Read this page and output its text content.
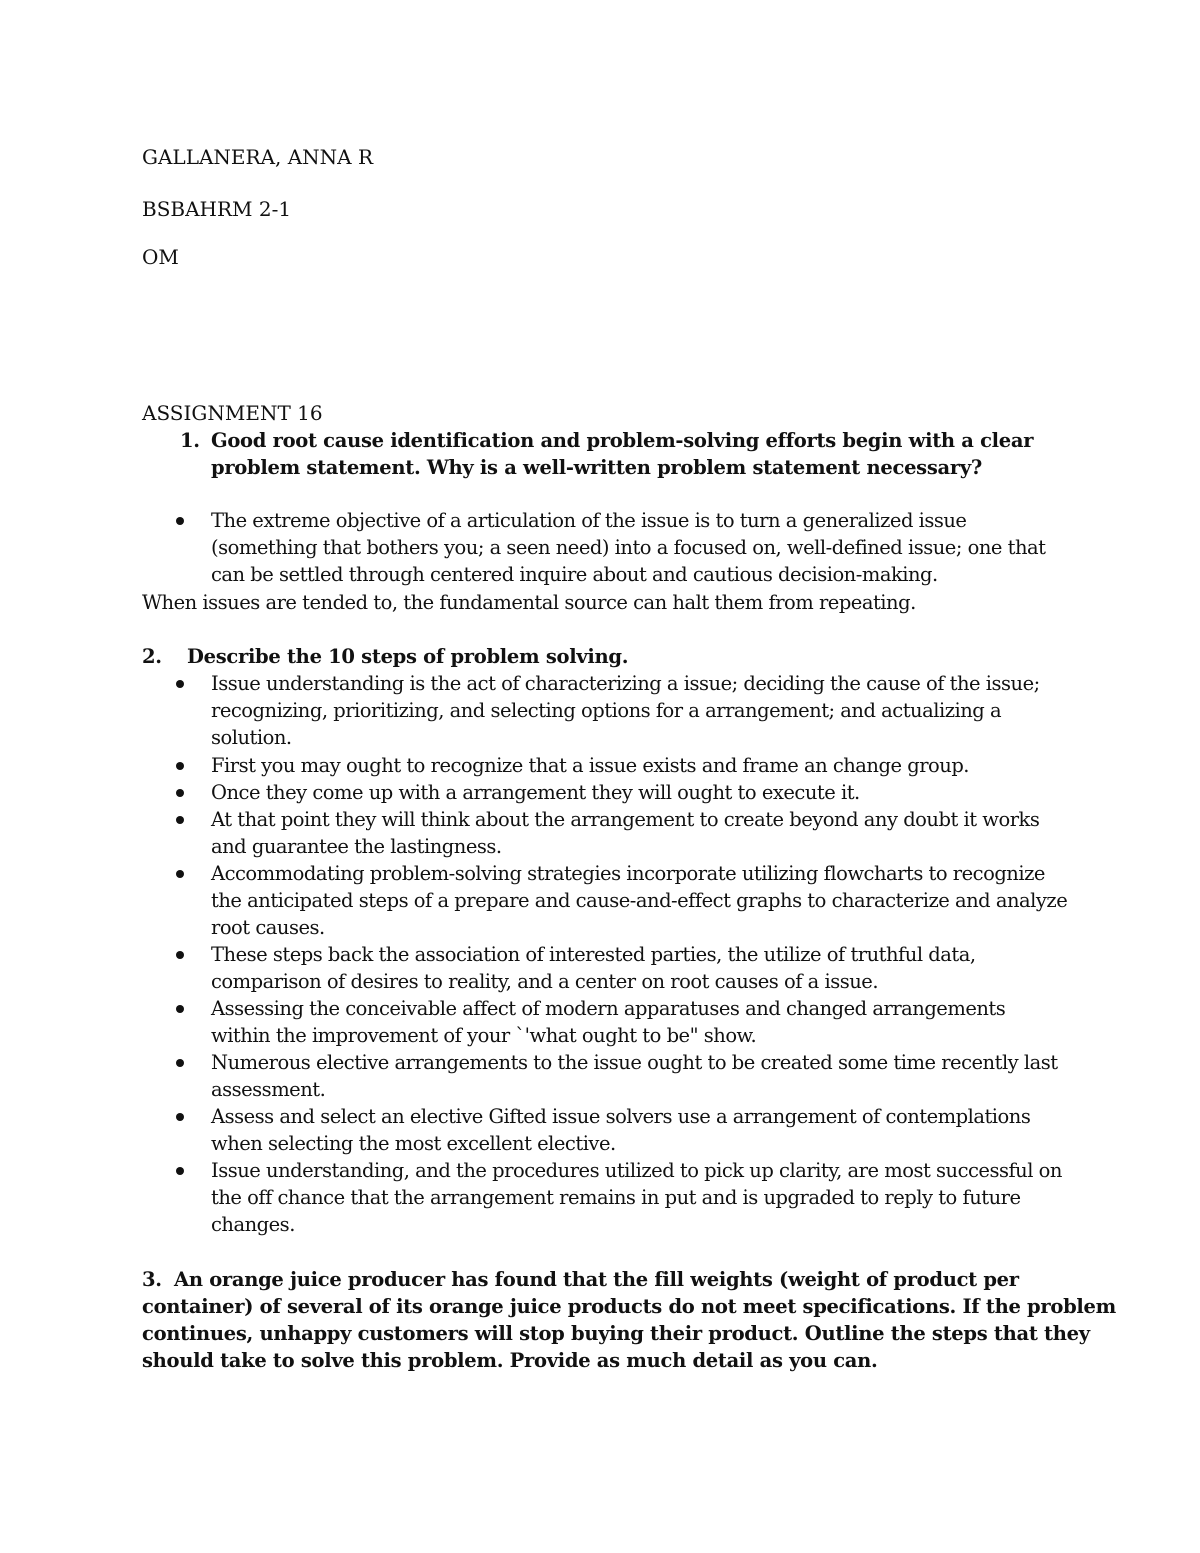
GALLANERA, ANNA R
BSBAHRM 2-1
OM
ASSIGNMENT 16
1. Good root cause identification and problem-solving efforts begin with a clear
problem statement. Why is a well-written problem statement necessary?
The extreme objective of a articulation of the issue is to turn a generalized issue
(something that bothers you; a seen need) into a focused on, well-defined issue; one that
can be settled through centered inquire about and cautious decision-making.
When issues are tended to, the fundamental source can halt them from repeating.
2. Describe the 10 steps of problem solving.
Issue understanding is the act of characterizing a issue; deciding the cause of the issue;
recognizing, prioritizing, and selecting options for a arrangement; and actualizing a
solution.
First you may ought to recognize that a issue exists and frame an change group.
Once they come up with a arrangement they will ought to execute it.
At that point they will think about the arrangement to create beyond any doubt it works
and guarantee the lastingness.
Accommodating problem-solving strategies incorporate utilizing flowcharts to recognize
the anticipated steps of a prepare and cause-and-effect graphs to characterize and analyze
root causes.
These steps back the association of interested parties, the utilize of truthful data,
comparison of desires to reality, and a center on root causes of a issue.
Assessing the conceivable affect of modern apparatuses and changed arrangements
within the improvement of your `'what ought to be" show.
Numerous elective arrangements to the issue ought to be created some time recently last
assessment.
Assess and select an elective Gifted issue solvers use a arrangement of contemplations
when selecting the most excellent elective.
Issue understanding, and the procedures utilized to pick up clarity, are most successful on
the off chance that the arrangement remains in put and is upgraded to reply to future
changes.
3. An orange juice producer has found that the fill weights (weight of product per
container) of several of its orange juice products do not meet specifications. If the problem
continues, unhappy customers will stop buying their product. Outline the steps that they
should take to solve this problem. Provide as much detail as you can.
